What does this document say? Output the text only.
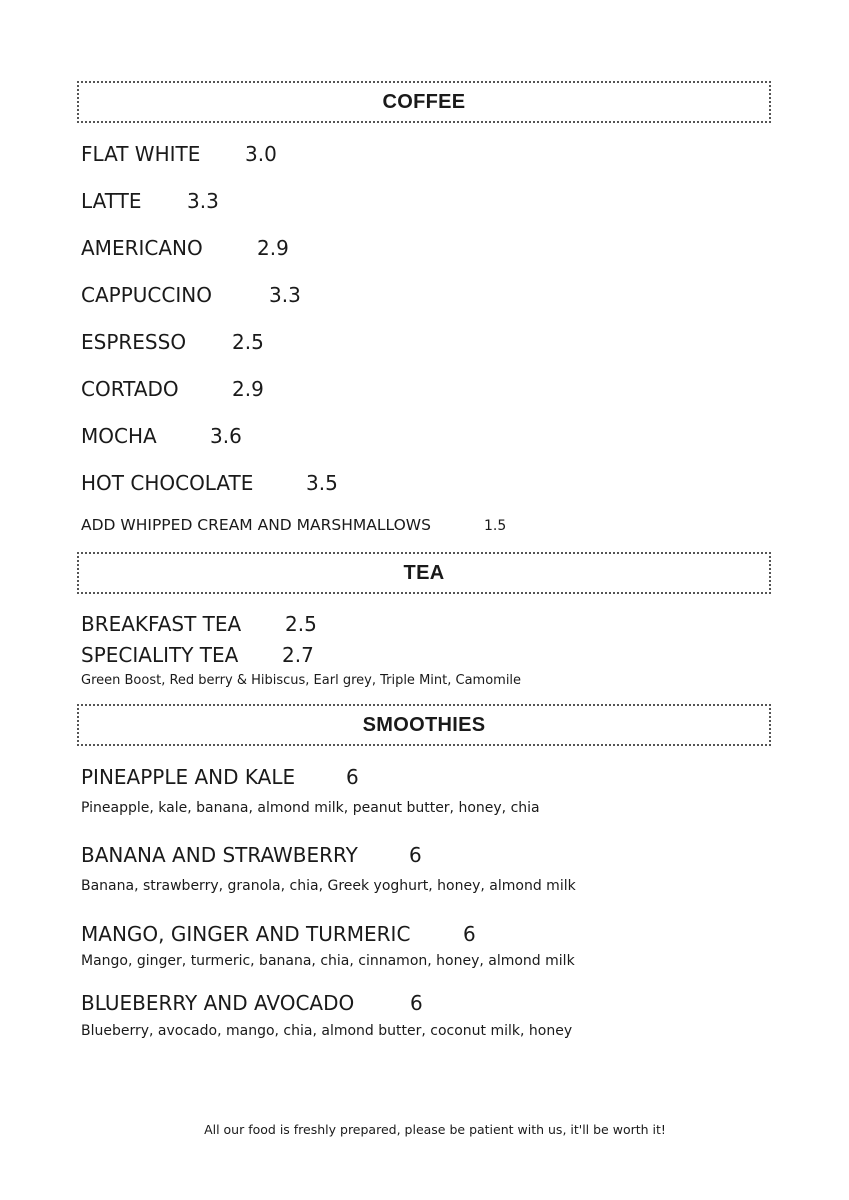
COFFEE
FLAT WHITE 3.0
LATTE 3.3
AMERICANO	2.9
CAPPUCCINO	3.3
ESPRESSO 2.5
CORTADO	2.9
MOCHA	3.6
HOT CHOCOLATE	3.5
ADD WHIPPED CREAM AND MARSHMALLOWS	1.5
TEA
BREAKFAST TEA 2.5
SPECIALITY TEA 2.7
Green Boost, Red berry & Hibiscus, Earl grey, Triple Mint, Camomile
SMOOTHIES
PINEAPPLE AND KALE	6
Pineapple, kale, banana, almond milk, peanut butter, honey, chia
BANANA AND STRAWBERRY	6
Banana, strawberry, granola, chia, Greek yoghurt, honey, almond milk
MANGO, GINGER AND TURMERIC	6
Mango, ginger, turmeric, banana, chia, cinnamon, honey, almond milk
BLUEBERRY AND AVOCADO	6
Blueberry, avocado, mango, chia, almond butter, coconut milk, honey
All our food is freshly prepared, please be patient with us, it'll be worth it!
